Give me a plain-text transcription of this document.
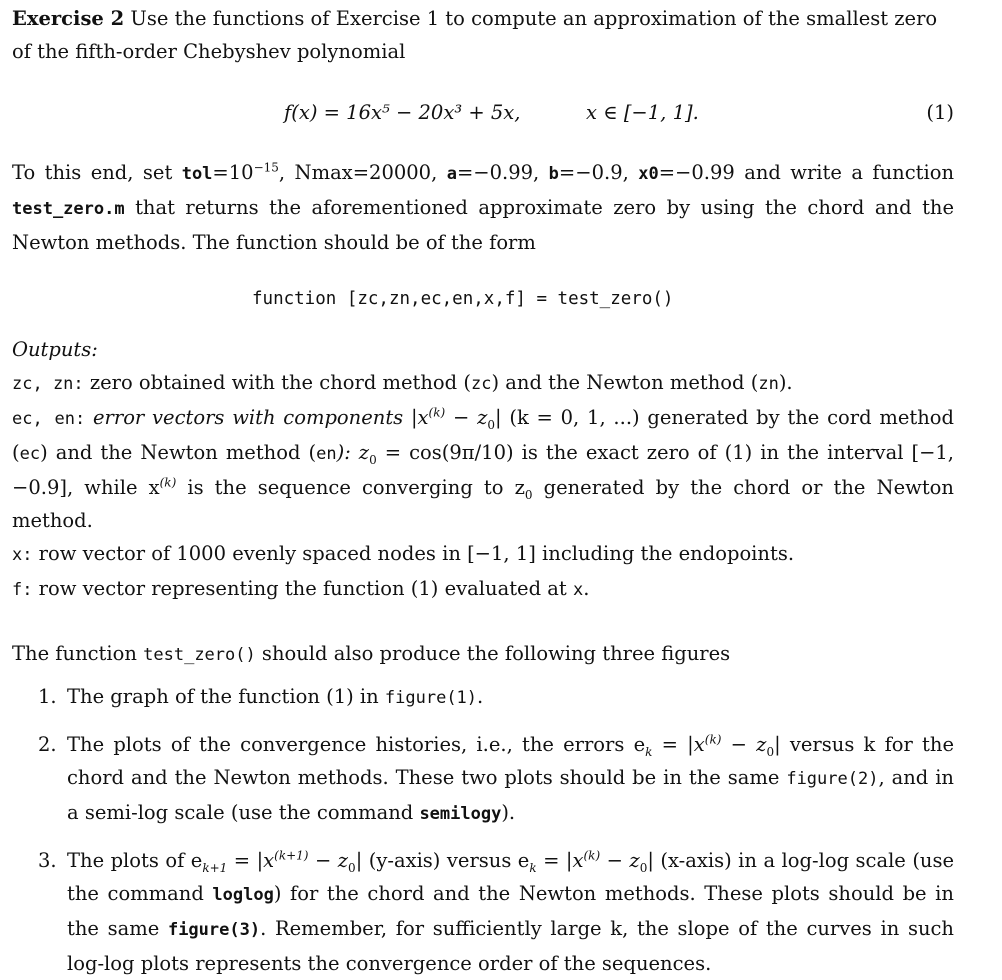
Exercise 2 Use the functions of Exercise 1 to compute an approximation of the smallest zero of the fifth-order Chebyshev polynomial

f(x) = 16x⁵ − 20x³ + 5x,	x ∈ [−1, 1].	(1)

To this end, set $tol=10^{-15}$, Nmax=20000, a=−0.99, b=−0.9, x0=−0.99 and write a function test_zero.m that returns the aforementioned approximate zero by using the chord and the Newton methods. The function should be of the form

function [zc,zn,ec,en,x,f] = test_zero()

Outputs:

zc, zn: zero obtained with the chord method (zc) and the Newton method (zn).

ec, en: error vectors with components $|x^{(k)} - z_0|$ (k = 0, 1, ...) generated by the cord method (ec) and the Newton method (en): $z_0 = \cos(9\pi/10)$ is the exact zero of (1) in the interval [−1, −0.9], while $x^{(k)}$ is the sequence converging to $z_0$ generated by the chord or the Newton method.

x: row vector of 1000 evenly spaced nodes in [−1, 1] including the endopoints.

f: row vector representing the function (1) evaluated at x.

The function test_zero() should also produce the following three figures

1. The graph of the function (1) in figure(1).
2. The plots of the convergence histories, i.e., the errors $e_k = |x^{(k)} - z_0|$ versus k for the chord and the Newton methods. These two plots should be in the same figure(2), and in a semi-log scale (use the command semilogy).
3. The plots of $e_{k+1} = |x^{(k+1)} - z_0|$ (y-axis) versus $e_k = |x^{(k)} - z_0|$ (x-axis) in a log-log scale (use the command loglog) for the chord and the Newton methods. These plots should be in the same figure(3). Remember, for sufficiently large k, the slope of the curves in such log-log plots represents the convergence order of the sequences.
